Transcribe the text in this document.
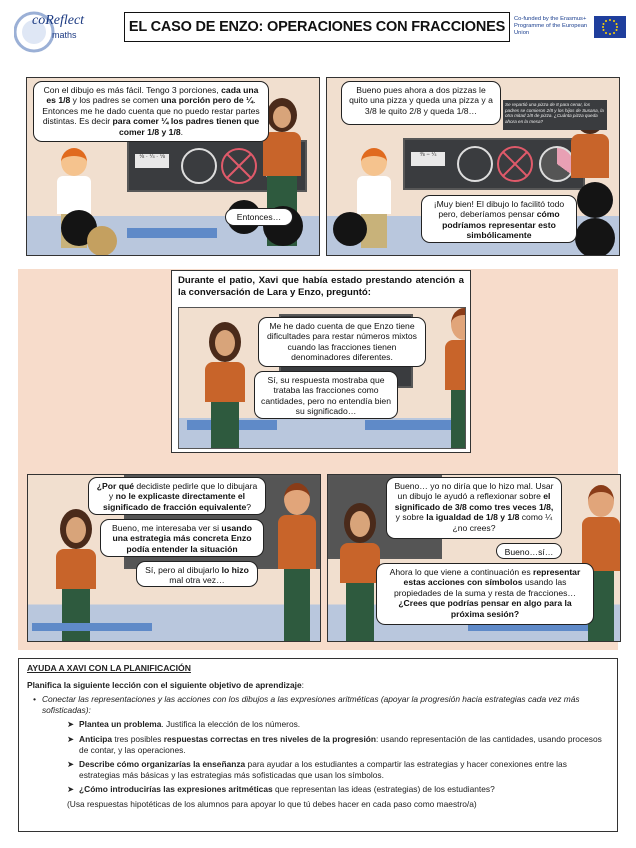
coReflect
maths	EL CASO DE ENZO: OPERACIONES CON FRACCIONES	Co-funded by the Erasmus+ Programme of the European Union
⅛ · ¼ · ⅛
Con el dibujo es más fácil. Tengo 3 porciones, cada una es 1/8 y los padres se comen una porción pero de ¼. Entonces me he dado cuenta que no puedo restar partes distintas. Es decir para comer ¼ los padres tienen que comer 1/8 y 1/8.
Entonces…
⅜ − ¼
Bueno pues ahora a dos pizzas le quito una pizza y queda una pizza y a 3/8 le quito 2/8 y queda 1/8…
Se repartió una pizza de 8 para cenar, los padres se comieron 2/8 y los hijos de Susana, la otra mitad 1/8 de pizza. ¿Cuánta pizza queda ahora en la mesa?
¡Muy bien! El dibujo lo facilitó todo pero, deberíamos pensar cómo podríamos representar esto simbólicamente
Durante el patio, Xavi que había estado prestando atención a la conversación de Lara y Enzo, preguntó:
Me he dado cuenta de que Enzo tiene dificultades para restar números mixtos cuando las fracciones tienen denominadores diferentes.
Sí, su respuesta mostraba que trataba las fracciones como cantidades, pero no entendía bien su significado…
¿Por qué decidiste pedirle que lo dibujara y no le explicaste directamente el significado de fracción equivalente?
Bueno, me interesaba ver si usando una estrategia más concreta Enzo podía entender la situación
Sí, pero al dibujarlo lo hizo mal otra vez…
Bueno… yo no diría que lo hizo mal. Usar un dibujo le ayudó a reflexionar sobre el significado de 3/8 como tres veces 1/8, y sobre la igualdad de 1/8 y 1/8 como ¼ ¿no crees?
Bueno…sí…
Ahora lo que viene a continuación es representar estas acciones con símbolos usando las propiedades de la suma y resta de fracciones… ¿Crees que podrías pensar en algo para la próxima sesión?
AYUDA A XAVI CON LA PLANIFICACIÓN
Planifica la siguiente lección con el siguiente objetivo de aprendizaje:
• Conectar las representaciones y las acciones con los dibujos a las expresiones aritméticas (apoyar la progresión hacia estrategias cada vez más sofisticadas):
➤ Plantea un problema. Justifica la elección de los números.
➤ Anticipa tres posibles respuestas correctas en tres niveles de la progresión: usando representación de las cantidades, usando procesos de contar, y las operaciones.
➤ Describe cómo organizarías la enseñanza para ayudar a los estudiantes a compartir las estrategias y hacer conexiones entre las estrategias más básicas y las estrategias más sofisticadas que usan los símbolos.
➤ ¿Cómo introducirías las expresiones aritméticas que representan las ideas (estrategias) de los estudiantes?
(Usa respuestas hipotéticas de los alumnos para apoyar lo que tú debes hacer en cada paso como maestro/a)
